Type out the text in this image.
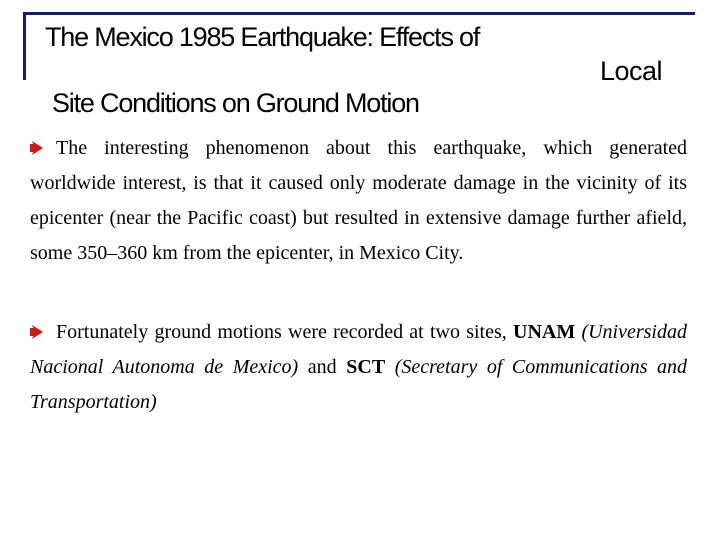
The Mexico 1985 Earthquake: Effects of
Local
Site Conditions on Ground Motion
The interesting phenomenon about this earthquake, which generated worldwide interest, is that it caused only moderate damage in the vicinity of its epicenter (near the Pacific coast) but resulted in extensive damage further afield, some 350–360 km from the epicenter, in Mexico City.
Fortunately ground motions were recorded at two sites, UNAM (Universidad Nacional Autonoma de Mexico) and SCT (Secretary of Communications and Transportation)
